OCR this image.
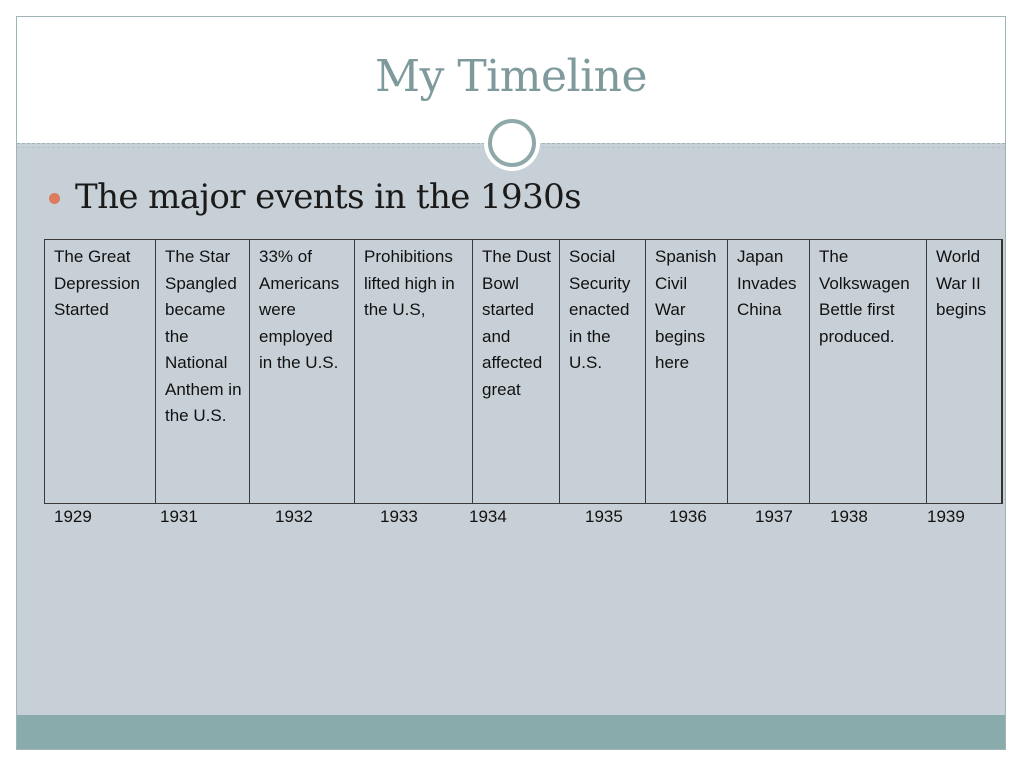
My Timeline
The major events in the 1930s
The Great Depression Started	The Star Spangled became the National Anthem in the U.S.	33% of Americans were employed in the U.S.	Prohibitions lifted high in the U.S,	The Dust Bowl started and affected great	Social Security enacted in the U.S.	Spanish Civil War begins here	Japan Invades China	The Volkswagen Bettle first produced.	World War II begins
1929	1931	1932	1933	1934	1935	1936	1937 1938	1939
